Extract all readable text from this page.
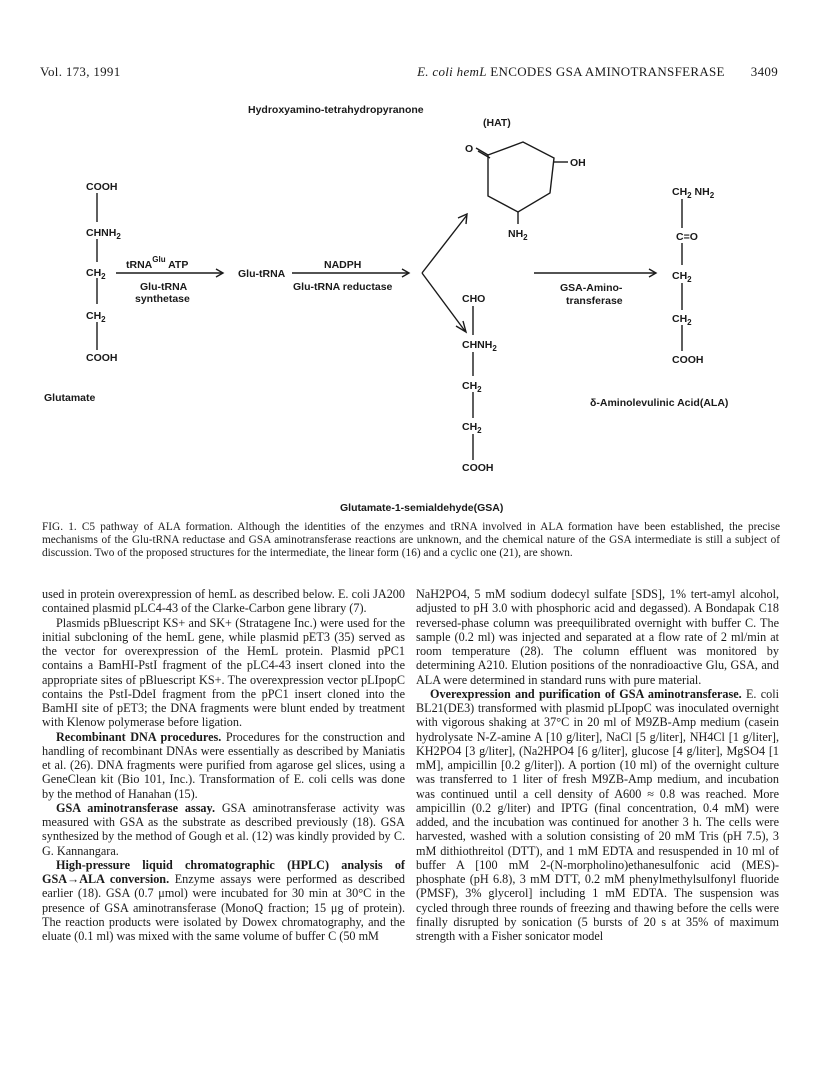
Vol. 173, 1991	E. coli hemL ENCODES GSA AMINOTRANSFERASE 3409
Hydroxyamino-tetrahydropyranone
(HAT)
COOH
$CHNH_2$
$CH_2$
$CH_2$
COOH
Glutamate
tRNA$^{Glu}$ ATP
Glu-tRNA
synthetase
Glu-tRNA
NADPH
Glu-tRNA reductase
O
OH
$NH_2$
CHO
$CHNH_2$
$CH_2$
$CH_2$
COOH
Glutamate-1-semialdehyde(GSA)
GSA-Amino-
transferase
$CH_2$ $NH_2$
C=O
$CH_2$
$CH_2$
COOH
δ-Aminolevulinic Acid(ALA)
FIG. 1. C5 pathway of ALA formation. Although the identities of the enzymes and tRNA involved in ALA formation have been established, the precise mechanisms of the Glu-tRNA reductase and GSA aminotransferase reactions are unknown, and the chemical nature of the GSA intermediate is still a subject of discussion. Two of the proposed structures for the intermediate, the linear form (16) and a cyclic one (21), are shown.

used in protein overexpression of hemL as described below. E. coli JA200 contained plasmid pLC4-43 of the Clarke-Carbon gene library (7).

Plasmids pBluescript KS+ and SK+ (Stratagene Inc.) were used for the initial subcloning of the hemL gene, while plasmid pET3 (35) served as the vector for overexpression of the HemL protein. Plasmid pPC1 contains a BamHI-PstI fragment of the pLC4-43 insert cloned into the appropriate sites of pBluescript KS+. The overexpression vector pLIpopC contains the PstI-DdeI fragment from the pPC1 insert cloned into the BamHI site of pET3; the DNA fragments were blunt ended by treatment with Klenow polymerase before ligation.

Recombinant DNA procedures. Procedures for the construction and handling of recombinant DNAs were essentially as described by Maniatis et al. (26). DNA fragments were purified from agarose gel slices, using a GeneClean kit (Bio 101, Inc.). Transformation of E. coli cells was done by the method of Hanahan (15).

GSA aminotransferase assay. GSA aminotransferase activity was measured with GSA as the substrate as described previously (18). GSA synthesized by the method of Gough et al. (12) was kindly provided by C. G. Kannangara.

High-pressure liquid chromatographic (HPLC) analysis of GSA→ALA conversion. Enzyme assays were performed as described earlier (18). GSA (0.7 μmol) were incubated for 30 min at 30°C in the presence of GSA aminotransferase (MonoQ fraction; 15 μg of protein). The reaction products were isolated by Dowex chromatography, and the eluate (0.1 ml) was mixed with the same volume of buffer C (50 mM

NaH2PO4, 5 mM sodium dodecyl sulfate [SDS], 1% tert-amyl alcohol, adjusted to pH 3.0 with phosphoric acid and degassed). A Bondapak C18 reversed-phase column was preequilibrated overnight with buffer C. The sample (0.2 ml) was injected and separated at a flow rate of 2 ml/min at room temperature (28). The column effluent was monitored by determining A210. Elution positions of the nonradioactive Glu, GSA, and ALA were determined in standard runs with pure material.

Overexpression and purification of GSA aminotransferase. E. coli BL21(DE3) transformed with plasmid pLIpopC was inoculated overnight with vigorous shaking at 37°C in 20 ml of M9ZB-Amp medium (casein hydrolysate N-Z-amine A [10 g/liter], NaCl [5 g/liter], NH4Cl [1 g/liter], KH2PO4 [3 g/liter], (Na2HPO4 [6 g/liter], glucose [4 g/liter], MgSO4 [1 mM], ampicillin [0.2 g/liter]). A portion (10 ml) of the overnight culture was transferred to 1 liter of fresh M9ZB-Amp medium, and incubation was continued until a cell density of A600 ≈ 0.8 was reached. More ampicillin (0.2 g/liter) and IPTG (final concentration, 0.4 mM) were added, and the incubation was continued for another 3 h. The cells were harvested, washed with a solution consisting of 20 mM Tris (pH 7.5), 3 mM dithiothreitol (DTT), and 1 mM EDTA and resuspended in 10 ml of buffer A [100 mM 2-(N-morpholino)ethanesulfonic acid (MES)-phosphate (pH 6.8), 3 mM DTT, 0.2 mM phenylmethylsulfonyl fluoride (PMSF), 3% glycerol] including 1 mM EDTA. The suspension was cycled through three rounds of freezing and thawing before the cells were finally disrupted by sonication (5 bursts of 20 s at 35% of maximum strength with a Fisher sonicator model
